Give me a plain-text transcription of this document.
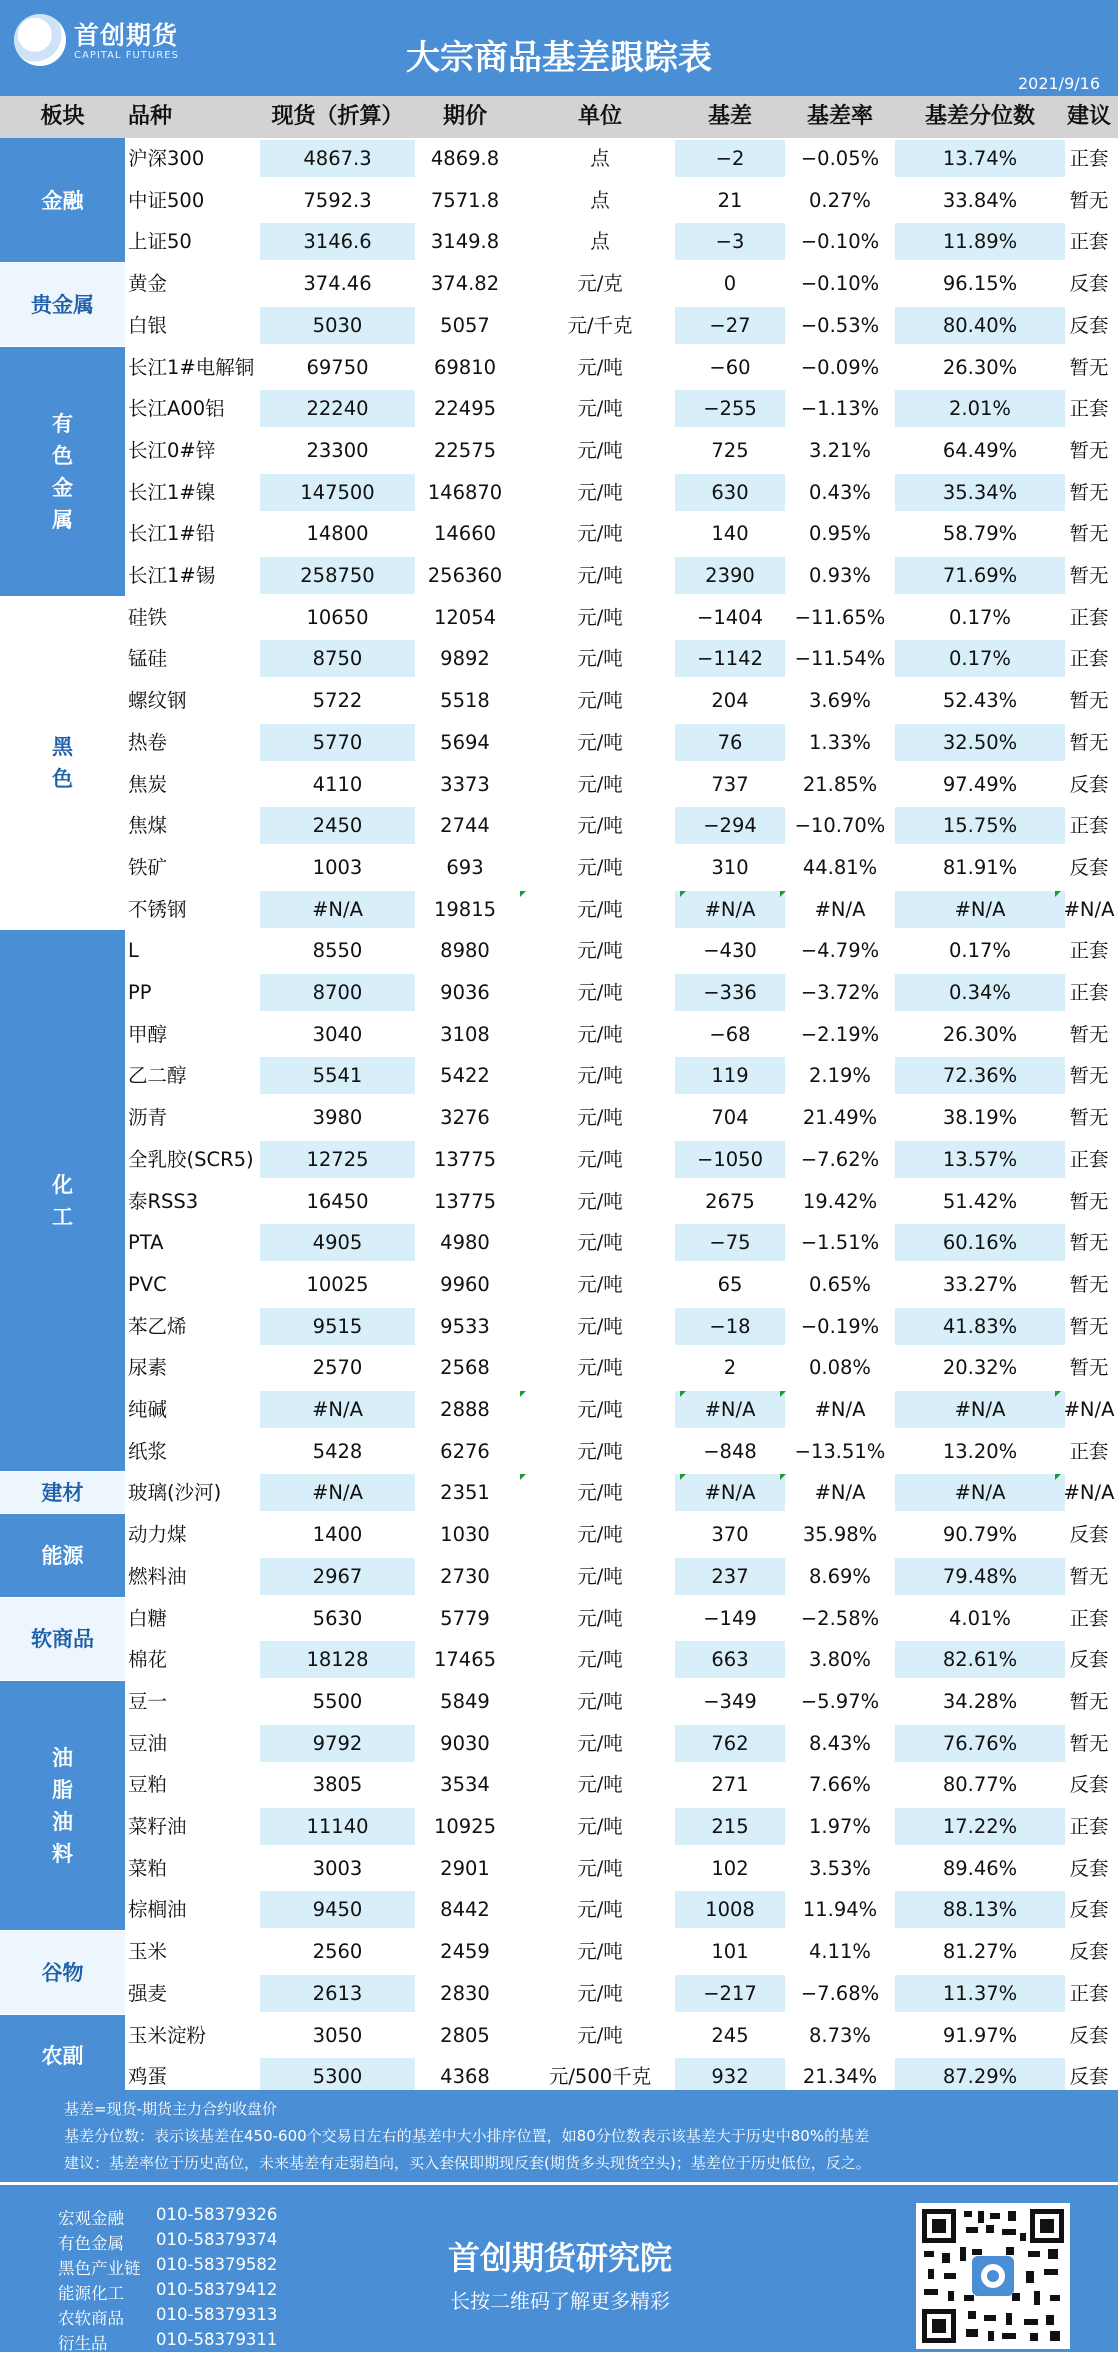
首创期货
CAPITAL FUTURES	大宗商品基差跟踪表
2021/9/16
板块	品种	现货（折算）	期价	单位	基差	基差率	基差分位数	建议
金融
沪深300	4867.3	4869.8	点	−2	−0.05%	13.74%	正套
中证500	7592.3	7571.8	点	21	0.27%	33.84%	暂无
上证50	3146.6	3149.8	点	−3	−0.10%	11.89%	正套
贵金属
黄金	374.46	374.82	元/克	0	−0.10%	96.15%	反套
白银	5030	5057	元/千克	−27	−0.53%	80.40%	反套
有色金属
长江1#电解铜	69750	69810	元/吨	−60	−0.09%	26.30%	暂无
长江A00铝	22240	22495	元/吨	−255	−1.13%	2.01%	正套
长江0#锌	23300	22575	元/吨	725	3.21%	64.49%	暂无
长江1#镍	147500	146870	元/吨	630	0.43%	35.34%	暂无
长江1#铅	14800	14660	元/吨	140	0.95%	58.79%	暂无
长江1#锡	258750	256360	元/吨	2390	0.93%	71.69%	暂无
黑色
硅铁	10650	12054	元/吨	−1404	−11.65%	0.17%	正套
锰硅	8750	9892	元/吨	−1142	−11.54%	0.17%	正套
螺纹钢	5722	5518	元/吨	204	3.69%	52.43%	暂无
热卷	5770	5694	元/吨	76	1.33%	32.50%	暂无
焦炭	4110	3373	元/吨	737	21.85%	97.49%	反套
焦煤	2450	2744	元/吨	−294	−10.70%	15.75%	正套
铁矿	1003	693	元/吨	310	44.81%	81.91%	反套
不锈钢	#N/A	19815	元/吨	#N/A	#N/A	#N/A	#N/A
化工
L	8550	8980	元/吨	−430	−4.79%	0.17%	正套
PP	8700	9036	元/吨	−336	−3.72%	0.34%	正套
甲醇	3040	3108	元/吨	−68	−2.19%	26.30%	暂无
乙二醇	5541	5422	元/吨	119	2.19%	72.36%	暂无
沥青	3980	3276	元/吨	704	21.49%	38.19%	暂无
全乳胶(SCR5)	12725	13775	元/吨	−1050	−7.62%	13.57%	正套
泰RSS3	16450	13775	元/吨	2675	19.42%	51.42%	暂无
PTA	4905	4980	元/吨	−75	−1.51%	60.16%	暂无
PVC	10025	9960	元/吨	65	0.65%	33.27%	暂无
苯乙烯	9515	9533	元/吨	−18	−0.19%	41.83%	暂无
尿素	2570	2568	元/吨	2	0.08%	20.32%	暂无
纯碱	#N/A	2888	元/吨	#N/A	#N/A	#N/A	#N/A
纸浆	5428	6276	元/吨	−848	−13.51%	13.20%	正套
建材	玻璃(沙河)	#N/A	2351	元/吨	#N/A	#N/A	#N/A	#N/A
能源
动力煤	1400	1030	元/吨	370	35.98%	90.79%	反套
燃料油	2967	2730	元/吨	237	8.69%	79.48%	暂无
软商品
白糖	5630	5779	元/吨	−149	−2.58%	4.01%	正套
棉花	18128	17465	元/吨	663	3.80%	82.61%	反套
油脂油料
豆一	5500	5849	元/吨	−349	−5.97%	34.28%	暂无
豆油	9792	9030	元/吨	762	8.43%	76.76%	暂无
豆粕	3805	3534	元/吨	271	7.66%	80.77%	反套
菜籽油	11140	10925	元/吨	215	1.97%	17.22%	正套
菜粕	3003	2901	元/吨	102	3.53%	89.46%	反套
棕榈油	9450	8442	元/吨	1008	11.94%	88.13%	反套
谷物
玉米	2560	2459	元/吨	101	4.11%	81.27%	反套
强麦	2613	2830	元/吨	−217	−7.68%	11.37%	正套
农副
玉米淀粉	3050	2805	元/吨	245	8.73%	91.97%	反套
鸡蛋	5300	4368	元/500千克	932	21.34%	87.29%	反套
基差=现货-期货主力合约收盘价
基差分位数：表示该基差在450-600个交易日左右的基差中大小排序位置，如80分位数表示该基差大于历史中80%的基差
建议：基差率位于历史高位，未来基差有走弱趋向，买入套保即期现反套(期货多头现货空头)；基差位于历史低位，反之。
宏观金融 010-58379326
有色金属 010-58379374
黑色产业链 010-58379582
能源化工 010-58379412
农软商品 010-58379313
衍生品	010-58379311
首创期货研究院
长按二维码了解更多精彩
